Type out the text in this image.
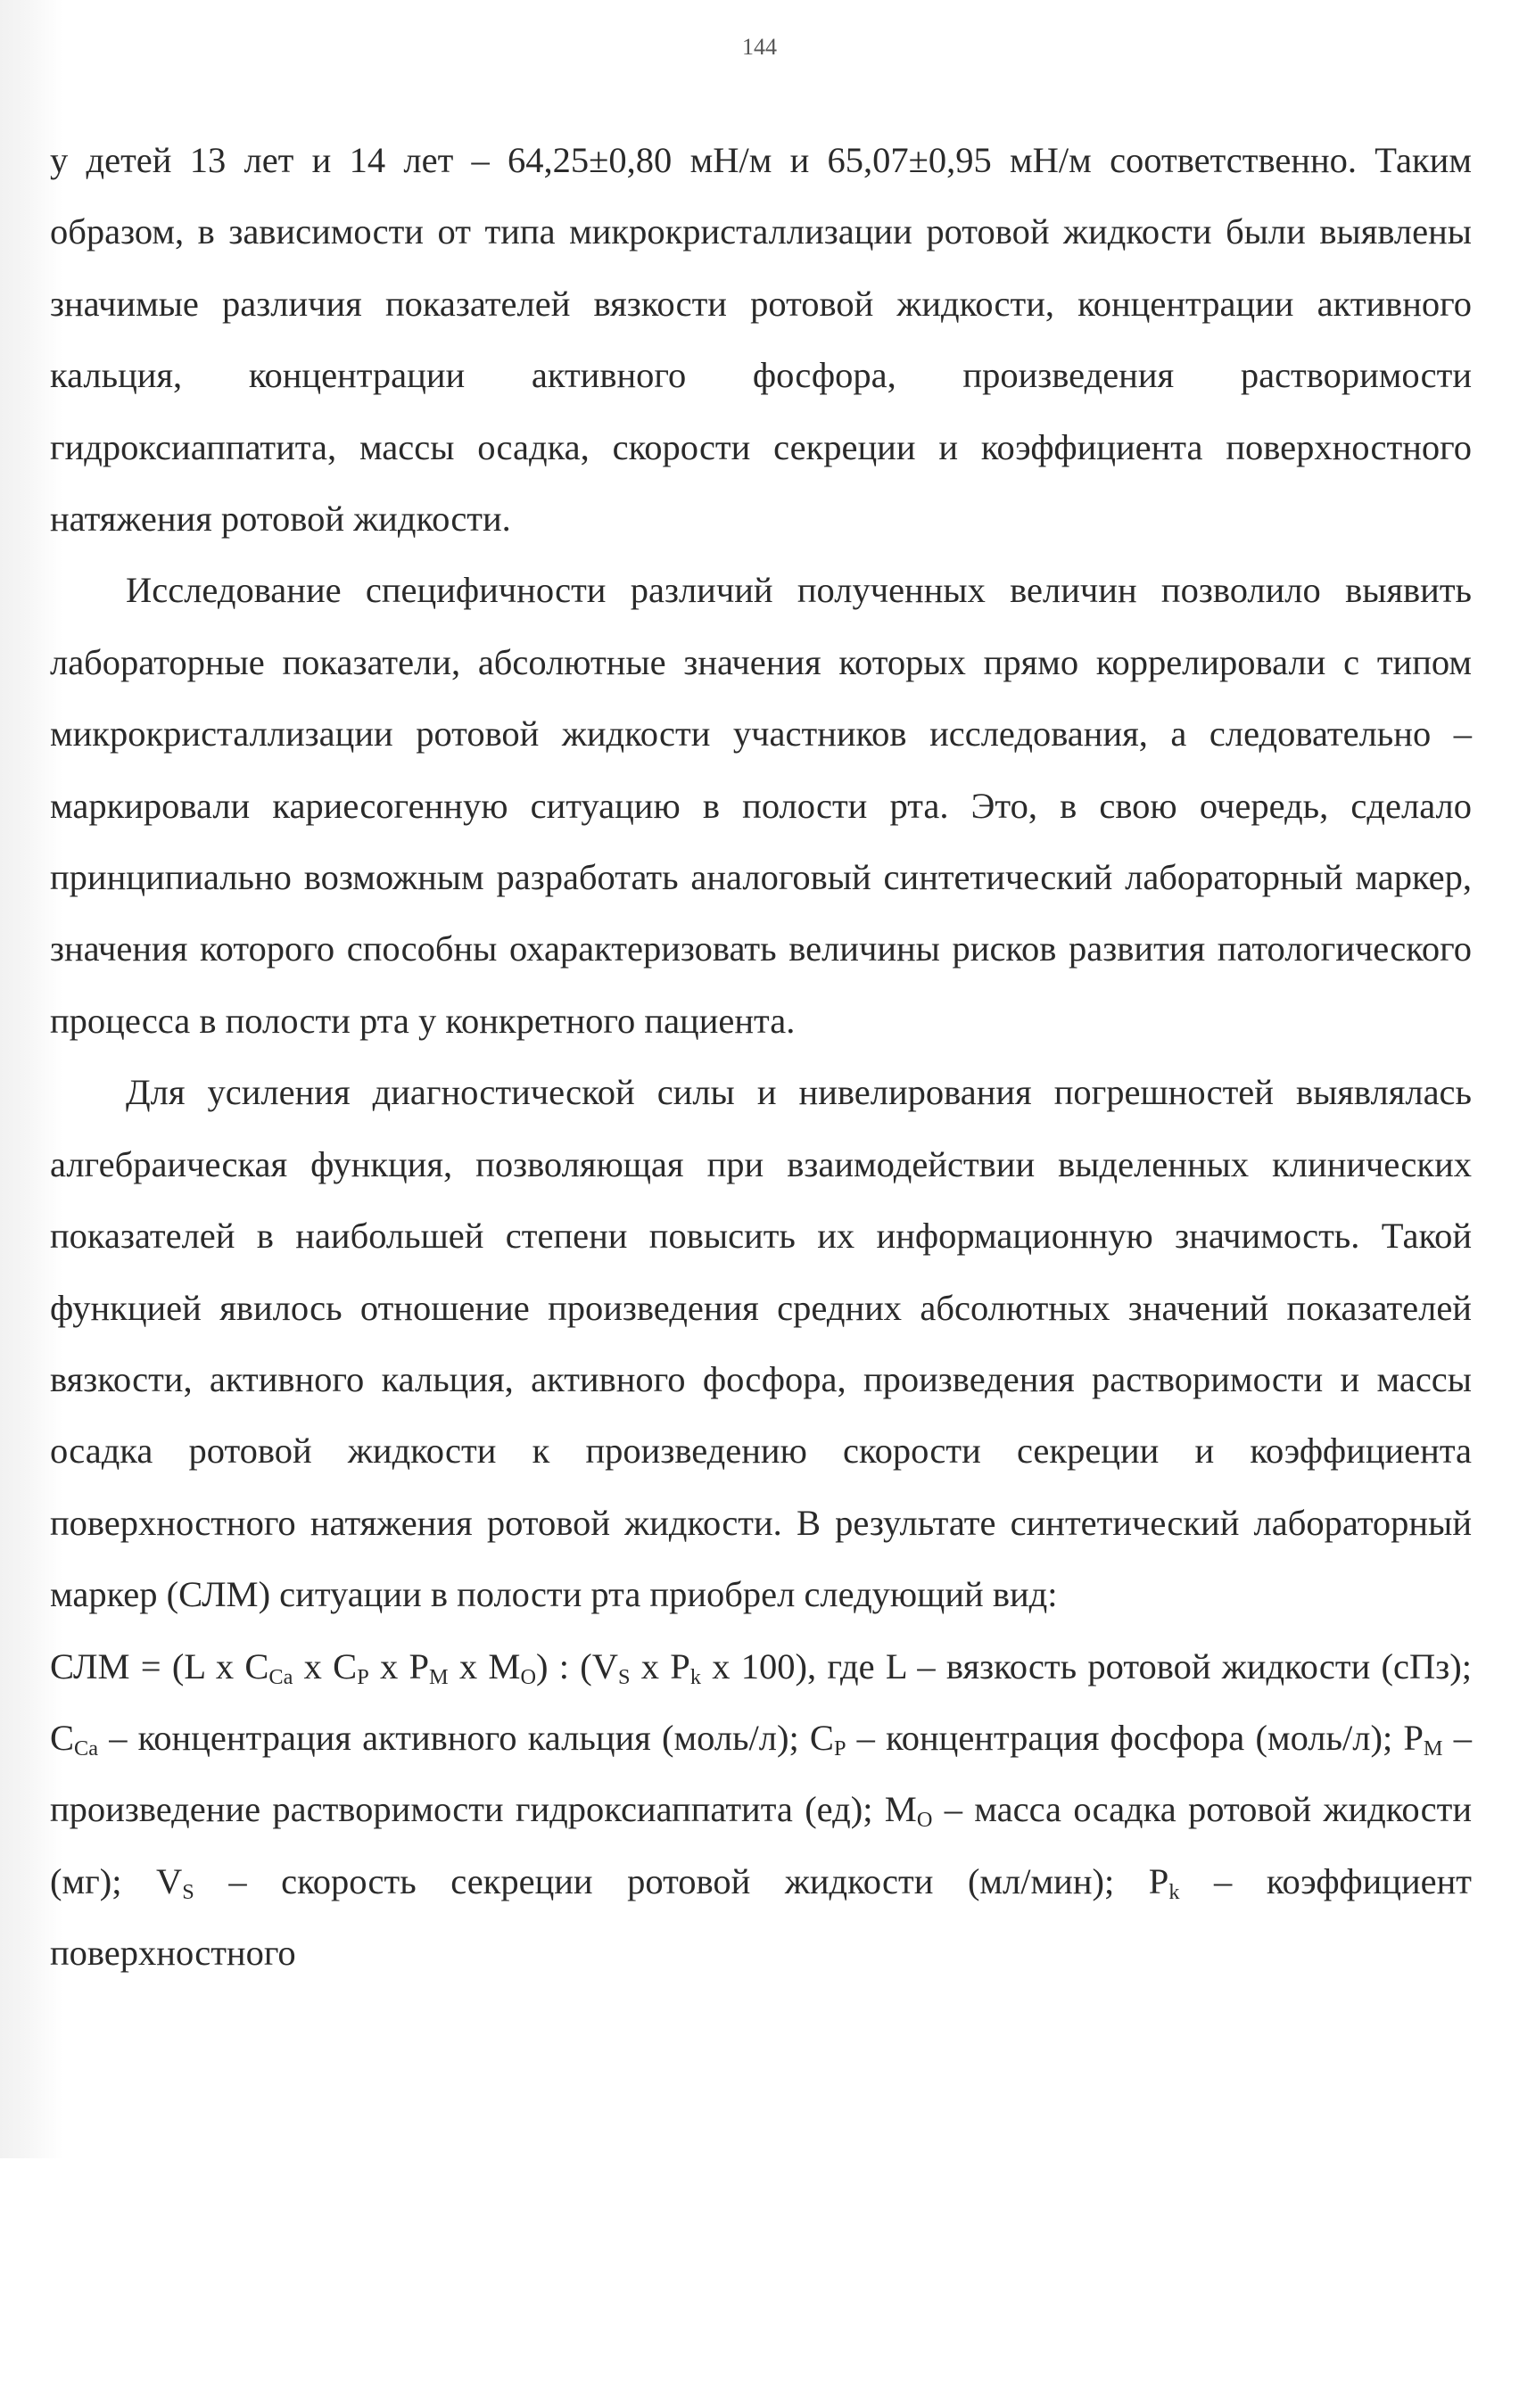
144

у детей 13 лет и 14 лет – 64,25±0,80 мН/м и 65,07±0,95 мН/м соответственно. Таким образом, в зависимости от типа микрокристаллизации ротовой жидкости были выявлены значимые различия показателей вязкости ротовой жидкости, концентрации активного кальция, концентрации активного фосфора, произведения растворимости гидроксиаппатита, массы осадка, скорости секреции и коэффициента поверхностного натяжения ротовой жидкости.

Исследование специфичности различий полученных величин позволило выявить лабораторные показатели, абсолютные значения которых прямо коррелировали с типом микрокристаллизации ротовой жидкости участников исследования, а следовательно – маркировали кариесогенную ситуацию в полости рта. Это, в свою очередь, сделало принципиально возможным разработать аналоговый синтетический лабораторный маркер, значения которого способны охарактеризовать величины рисков развития патологического процесса в полости рта у конкретного пациента.

Для усиления диагностической силы и нивелирования погрешностей выявлялась алгебраическая функция, позволяющая при взаимодействии выделенных клинических показателей в наибольшей степени повысить их информационную значимость. Такой функцией явилось отношение произведения средних абсолютных значений показателей вязкости, активного кальция, активного фосфора, произведения растворимости и массы осадка ротовой жидкости к произведению скорости секреции и коэффициента поверхностного натяжения ротовой жидкости. В результате синтетический лабораторный маркер (СЛМ) ситуации в полости рта приобрел следующий вид:

СЛМ = (L x $C_{Ca}$ x $C_P$ x $P_M$ x $M_O$) : ($V_S$ x $P_k$ x 100), где L – вязкость ротовой жидкости (сПз); $C_{Ca}$ – концентрация активного кальция (моль/л); $C_P$ – концентрация фосфора (моль/л); $P_M$ – произведение растворимости гидроксиаппатита (ед); $M_O$ – масса осадка ротовой жидкости (мг); $V_S$ – скорость секреции ротовой жидкости (мл/мин); $P_k$ – коэффициент поверхностного
